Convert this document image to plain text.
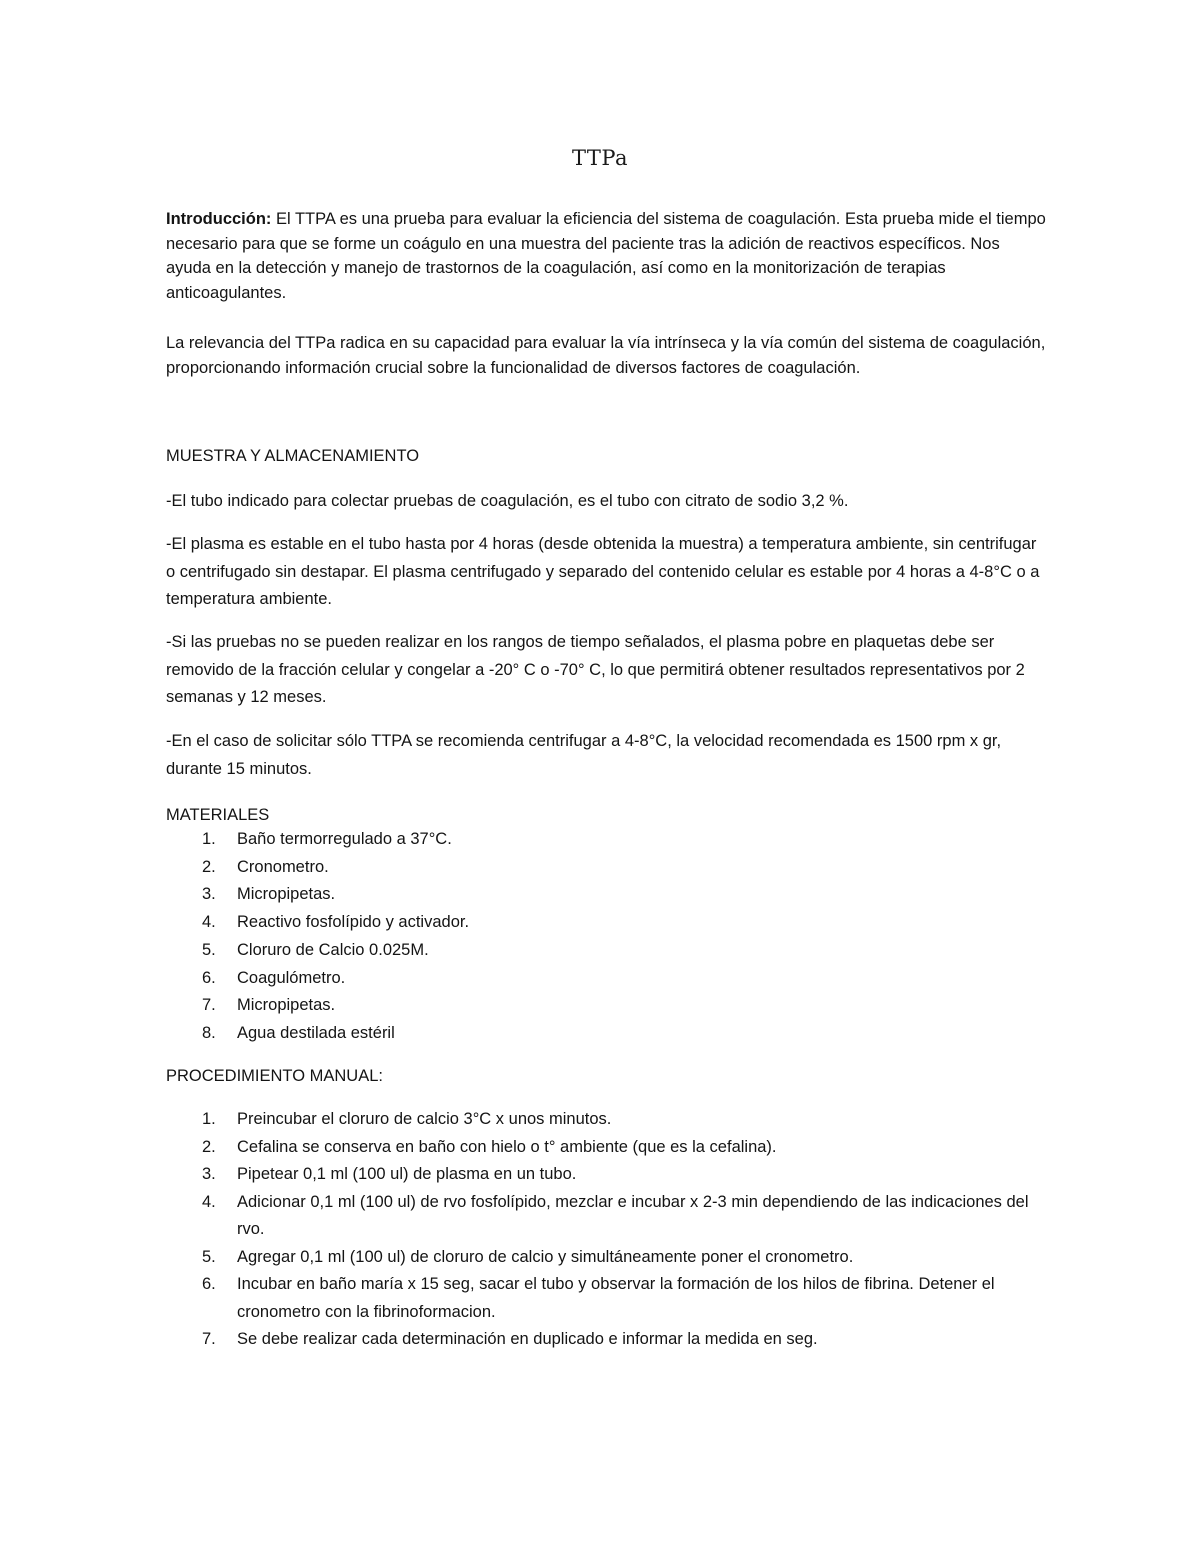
TTPa

Introducción: El TTPA es una prueba para evaluar la eficiencia del sistema de coagulación. Esta prueba mide el tiempo necesario para que se forme un coágulo en una muestra del paciente tras la adición de reactivos específicos. Nos ayuda en la detección y manejo de trastornos de la coagulación, así como en la monitorización de terapias anticoagulantes.

La relevancia del TTPa radica en su capacidad para evaluar la vía intrínseca y la vía común del sistema de coagulación, proporcionando información crucial sobre la funcionalidad de diversos factores de coagulación.

MUESTRA Y ALMACENAMIENTO

-El tubo indicado para colectar pruebas de coagulación, es el tubo con citrato de sodio 3,2 %.

-El plasma es estable en el tubo hasta por 4 horas (desde obtenida la muestra) a temperatura ambiente, sin centrifugar o centrifugado sin destapar. El plasma centrifugado y separado del contenido celular es estable por 4 horas a 4-8°C o a temperatura ambiente.

-Si las pruebas no se pueden realizar en los rangos de tiempo señalados, el plasma pobre en plaquetas debe ser removido de la fracción celular y congelar a -20° C o -70° C, lo que permitirá obtener resultados representativos por 2 semanas y 12 meses.

-En el caso de solicitar sólo TTPA se recomienda centrifugar a 4-8°C, la velocidad recomendada es 1500 rpm x gr, durante 15 minutos.

MATERIALES

1. Baño termorregulado a 37°C.
2. Cronometro.
3. Micropipetas.
4. Reactivo fosfolípido y activador.
5. Cloruro de Calcio 0.025M.
6. Coagulómetro.
7. Micropipetas.
8. Agua destilada estéril

PROCEDIMIENTO MANUAL:

1. Preincubar el cloruro de calcio 3°C x unos minutos.
2. Cefalina se conserva en baño con hielo o t° ambiente (que es la cefalina).
3. Pipetear 0,1 ml (100 ul) de plasma en un tubo.
4. Adicionar 0,1 ml (100 ul) de rvo fosfolípido, mezclar e incubar x 2-3 min dependiendo de las indicaciones del rvo.
5. Agregar 0,1 ml (100 ul) de cloruro de calcio y simultáneamente poner el cronometro.
6. Incubar en baño maría x 15 seg, sacar el tubo y observar la formación de los hilos de fibrina. Detener el cronometro con la fibrinoformacion.
7. Se debe realizar cada determinación en duplicado e informar la medida en seg.
